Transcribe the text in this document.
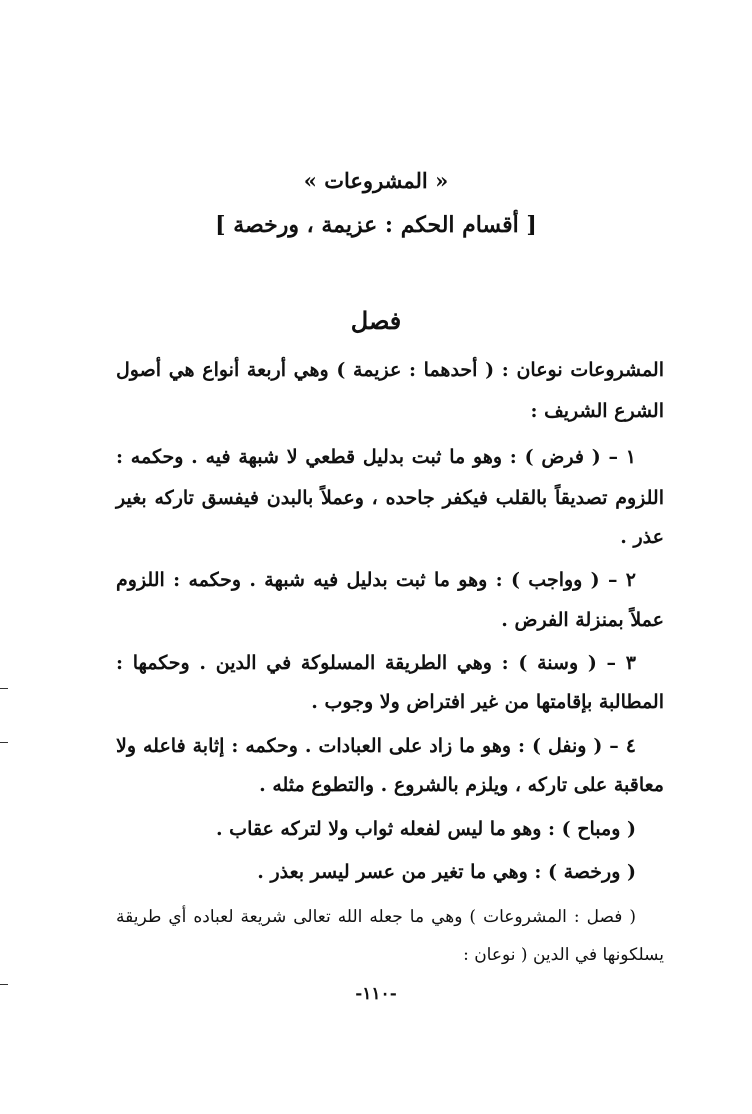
« المشروعات »
[ أقسام الحكم : عزيمة ، ورخصة ]
فصل
المشروعات نوعان : ( أحدهما : عزيمة ) وهي أربعة أنواع هي أصول
الشرع الشريف :
١ – ( فرض ) : وهو ما ثبت بدليل قطعي لا شبهة فيه . وحكمه :
اللزوم تصديقاً بالقلب فيكفر جاحده ، وعملاً بالبدن فيفسق تاركه بغير
عذر .
٢ – ( وواجب ) : وهو ما ثبت بدليل فيه شبهة . وحكمه : اللزوم
عملاً بمنزلة الفرض .
٣ – ( وسنة ) : وهي الطريقة المسلوكة في الدين . وحكمها :
المطالبة بإقامتها من غير افتراض ولا وجوب .
٤ – ( ونفل ) : وهو ما زاد على العبادات . وحكمه : إثابة فاعله ولا
معاقبة على تاركه ، ويلزم بالشروع . والتطوع مثله .
( ومباح ) : وهو ما ليس لفعله ثواب ولا لتركه عقاب .
( ورخصة ) : وهي ما تغير من عسر ليسر بعذر .
( فصل : المشروعات ) وهي ما جعله الله تعالى شريعة لعباده أي طريقة
يسلكونها في الدين ( نوعان :
-١١٠-
